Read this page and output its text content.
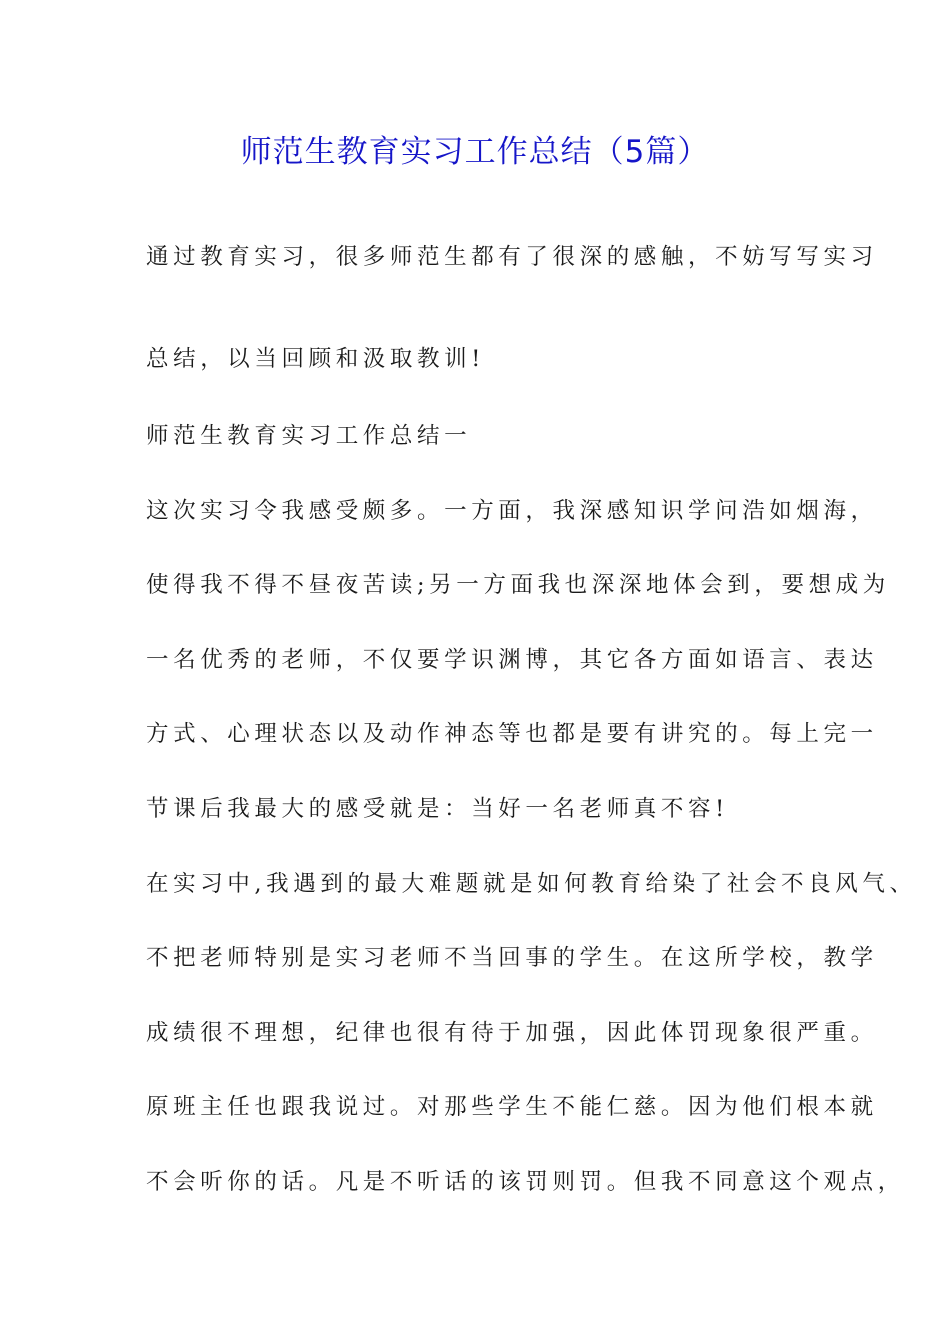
师范生教育实习工作总结（5篇）
通过教育实习，很多师范生都有了很深的感触，不妨写写实习
总结，以当回顾和汲取教训!
师范生教育实习工作总结一
这次实习令我感受颇多。一方面，我深感知识学问浩如烟海，
使得我不得不昼夜苦读;另一方面我也深深地体会到，要想成为
一名优秀的老师，不仅要学识渊博，其它各方面如语言、表达
方式、心理状态以及动作神态等也都是要有讲究的。每上完一
节课后我最大的感受就是：当好一名老师真不容!
在实习中,我遇到的最大难题就是如何教育给染了社会不良风气、
不把老师特别是实习老师不当回事的学生。在这所学校，教学
成绩很不理想，纪律也很有待于加强，因此体罚现象很严重。
原班主任也跟我说过。对那些学生不能仁慈。因为他们根本就
不会听你的话。凡是不听话的该罚则罚。但我不同意这个观点，
